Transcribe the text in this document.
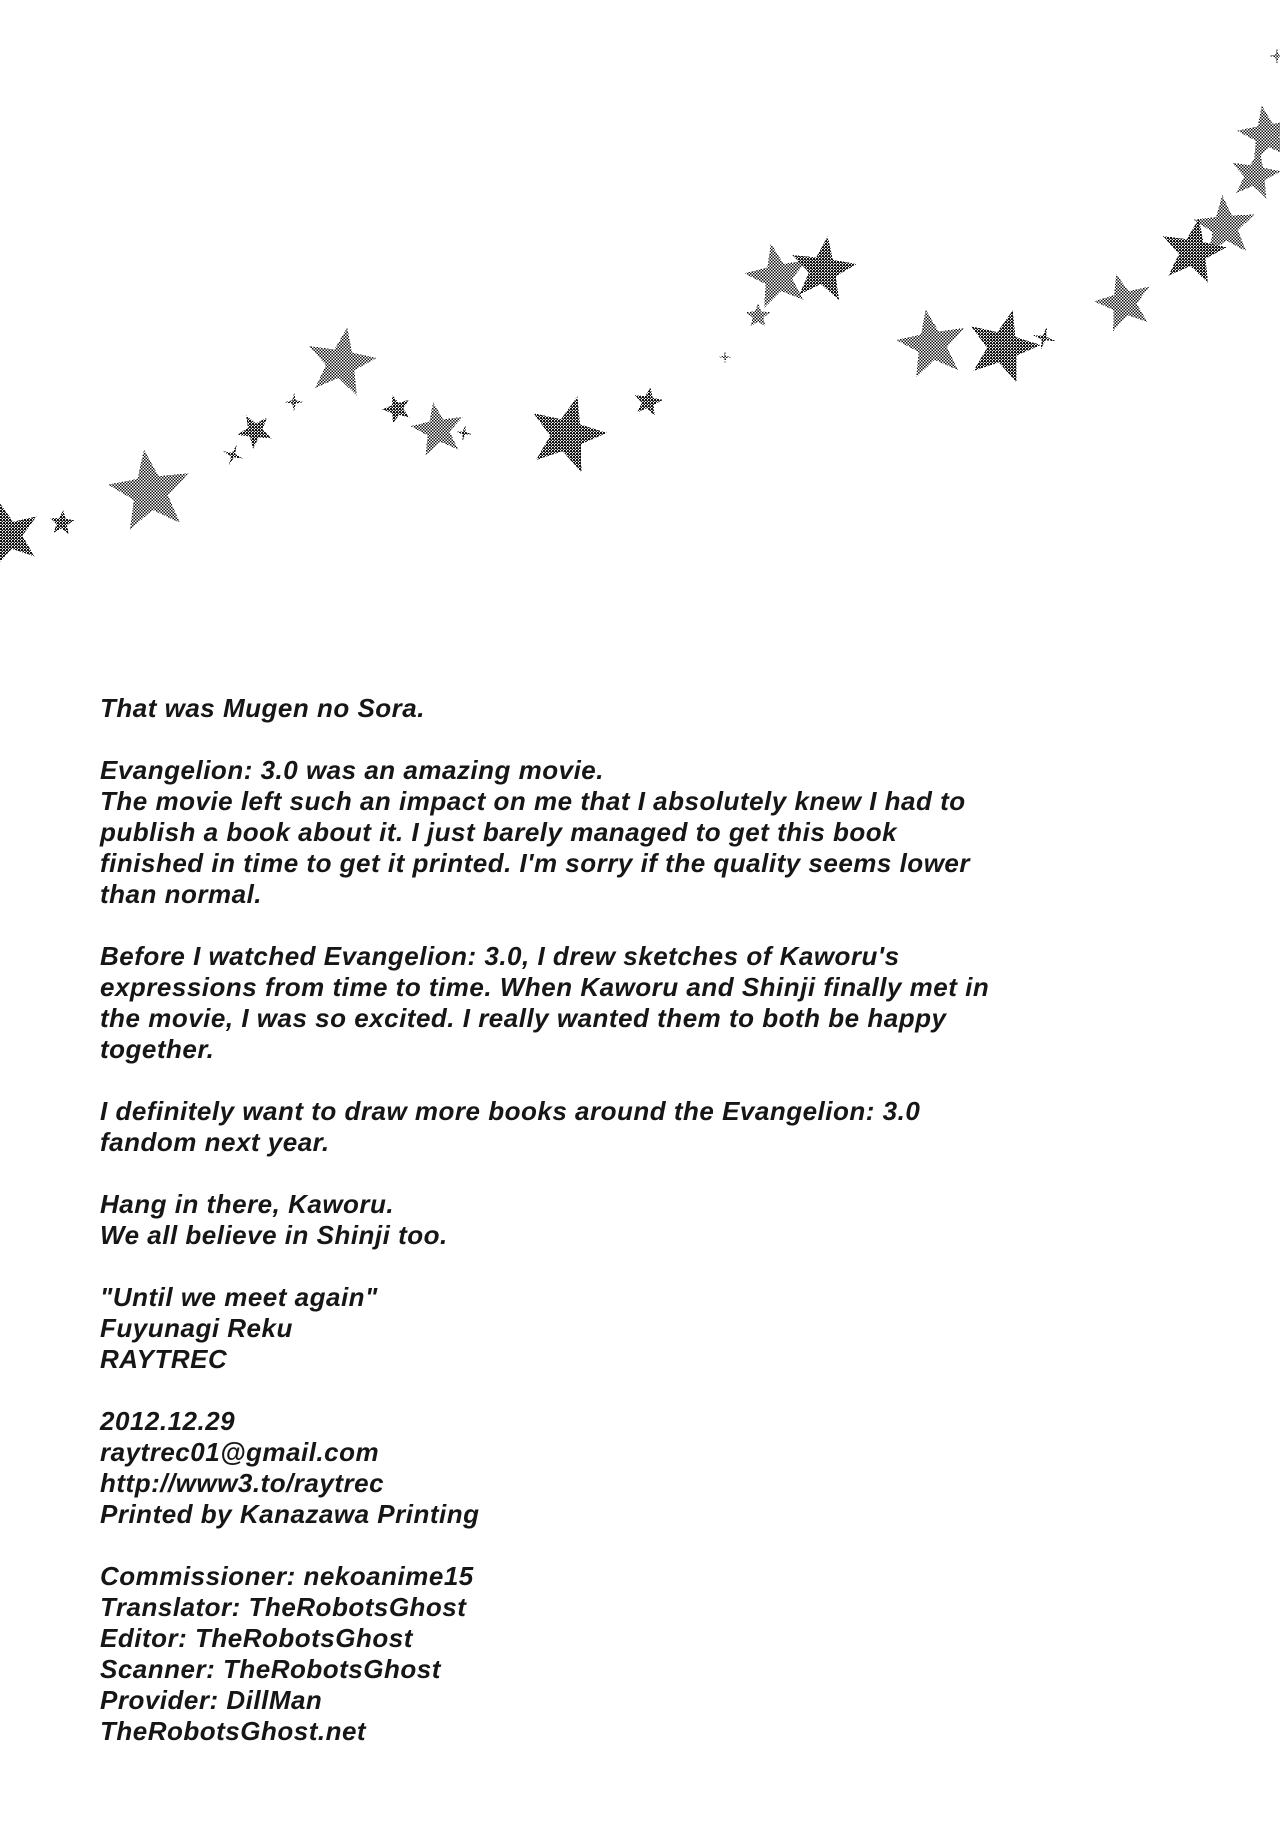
That was Mugen no Sora.
Evangelion: 3.0 was an amazing movie.
The movie left such an impact on me that I absolutely knew I had to
publish a book about it. I just barely managed to get this book
finished in time to get it printed. I'm sorry if the quality seems lower
than normal.
Before I watched Evangelion: 3.0, I drew sketches of Kaworu's
expressions from time to time. When Kaworu and Shinji finally met in
the movie, I was so excited. I really wanted them to both be happy
together.
I definitely want to draw more books around the Evangelion: 3.0
fandom next year.
Hang in there, Kaworu.
We all believe in Shinji too.
"Until we meet again"
Fuyunagi Reku
RAYTREC
2012.12.29
raytrec01@gmail.com
http://www3.to/raytrec
Printed by Kanazawa Printing
Commissioner: nekoanime15
Translator: TheRobotsGhost
Editor: TheRobotsGhost
Scanner: TheRobotsGhost
Provider: DillMan
TheRobotsGhost.net
